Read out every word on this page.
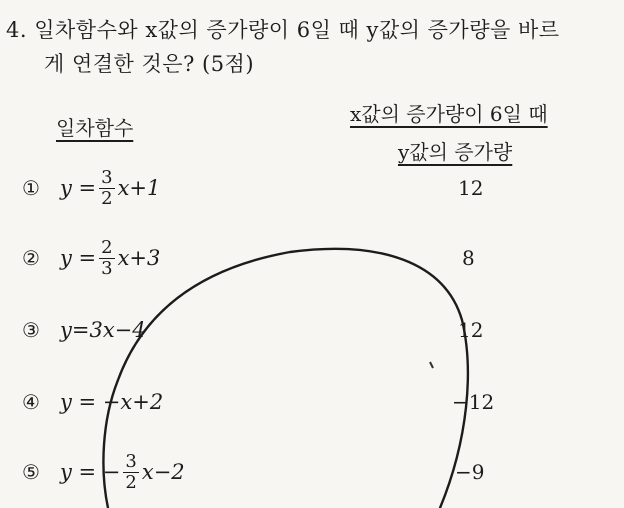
4. 일차함수와 x값의 증가량이 6일 때 y값의 증가량을 바르
게 연결한 것은? (5점)
일차함수
x값의 증가량이 6일 때
y값의 증가량
① $y = \frac{3}{2} x+1$
② $y = \frac{2}{3} x+3$
③ y=3x−4
④ y = −x+2
⑤ y = − $\frac{3}{2} x-2$
12
8
12
−12
−9
